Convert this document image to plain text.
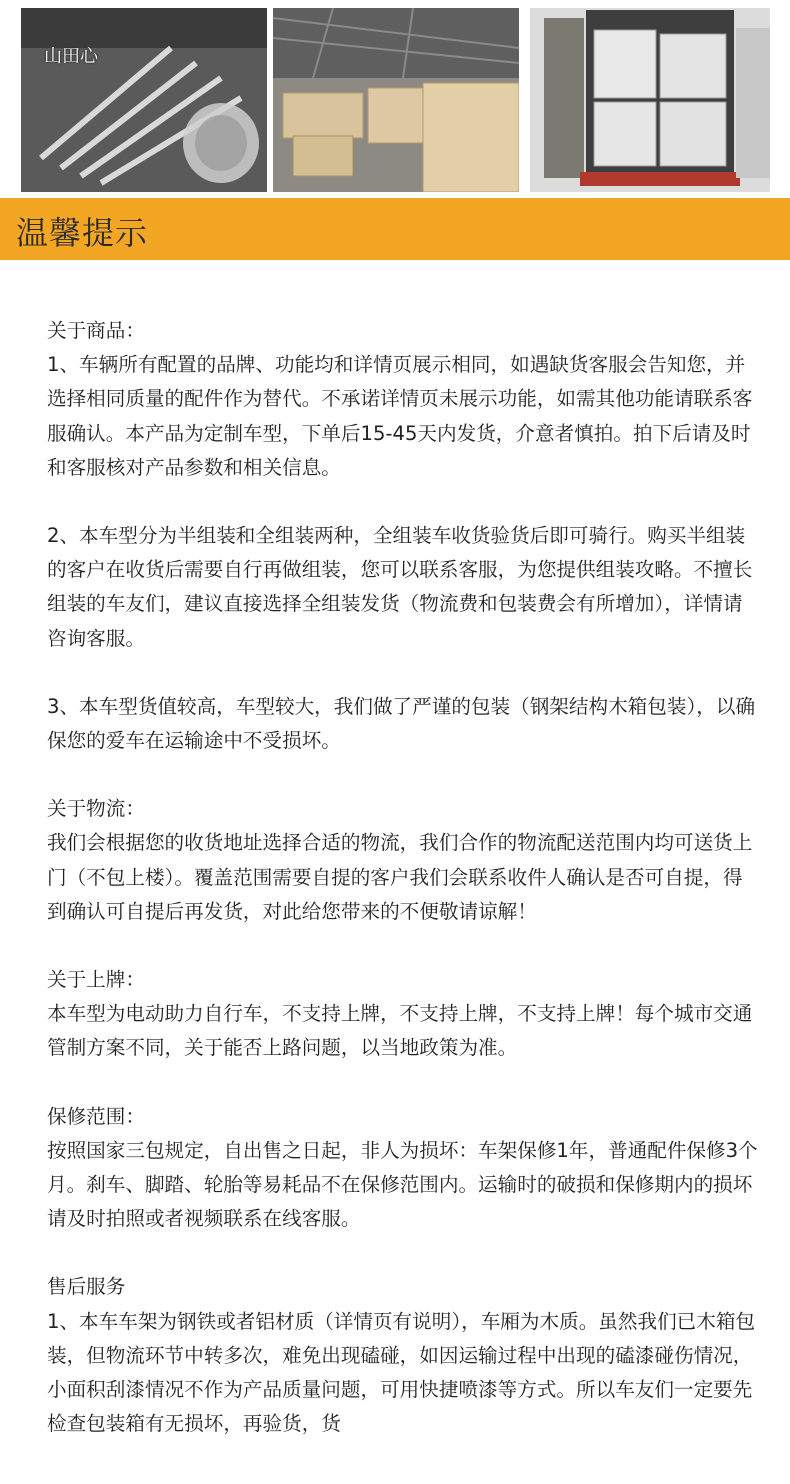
山田心
温馨提示

关于商品：

1、车辆所有配置的品牌、功能均和详情页展示相同，如遇缺货客服会告知您，并选择相同质量的配件作为替代。不承诺详情页未展示功能，如需其他功能请联系客服确认。本产品为定制车型，下单后15-45天内发货，介意者慎拍。拍下后请及时和客服核对产品参数和相关信息。

2、本车型分为半组装和全组装两种，全组装车收货验货后即可骑行。购买半组装的客户在收货后需要自行再做组装，您可以联系客服，为您提供组装攻略。不擅长组装的车友们，建议直接选择全组装发货（物流费和包装费会有所增加），详情请咨询客服。

3、本车型货值较高，车型较大，我们做了严谨的包装（钢架结构木箱包装），以确保您的爱车在运输途中不受损坏。

关于物流：

我们会根据您的收货地址选择合适的物流，我们合作的物流配送范围内均可送货上门（不包上楼）。覆盖范围需要自提的客户我们会联系收件人确认是否可自提，得到确认可自提后再发货，对此给您带来的不便敬请谅解！

关于上牌：

本车型为电动助力自行车，不支持上牌，不支持上牌，不支持上牌！每个城市交通管制方案不同，关于能否上路问题，以当地政策为准。

保修范围：

按照国家三包规定，自出售之日起，非人为损坏：车架保修1年，普通配件保修3个月。刹车、脚踏、轮胎等易耗品不在保修范围内。运输时的破损和保修期内的损坏请及时拍照或者视频联系在线客服。

售后服务

1、本车车架为钢铁或者铝材质（详情页有说明），车厢为木质。虽然我们已木箱包装，但物流环节中转多次，难免出现磕碰，如因运输过程中出现的磕漆碰伤情况，小面积刮漆情况不作为产品质量问题，可用快捷喷漆等方式。所以车友们一定要先检查包装箱有无损坏，再验货，货
